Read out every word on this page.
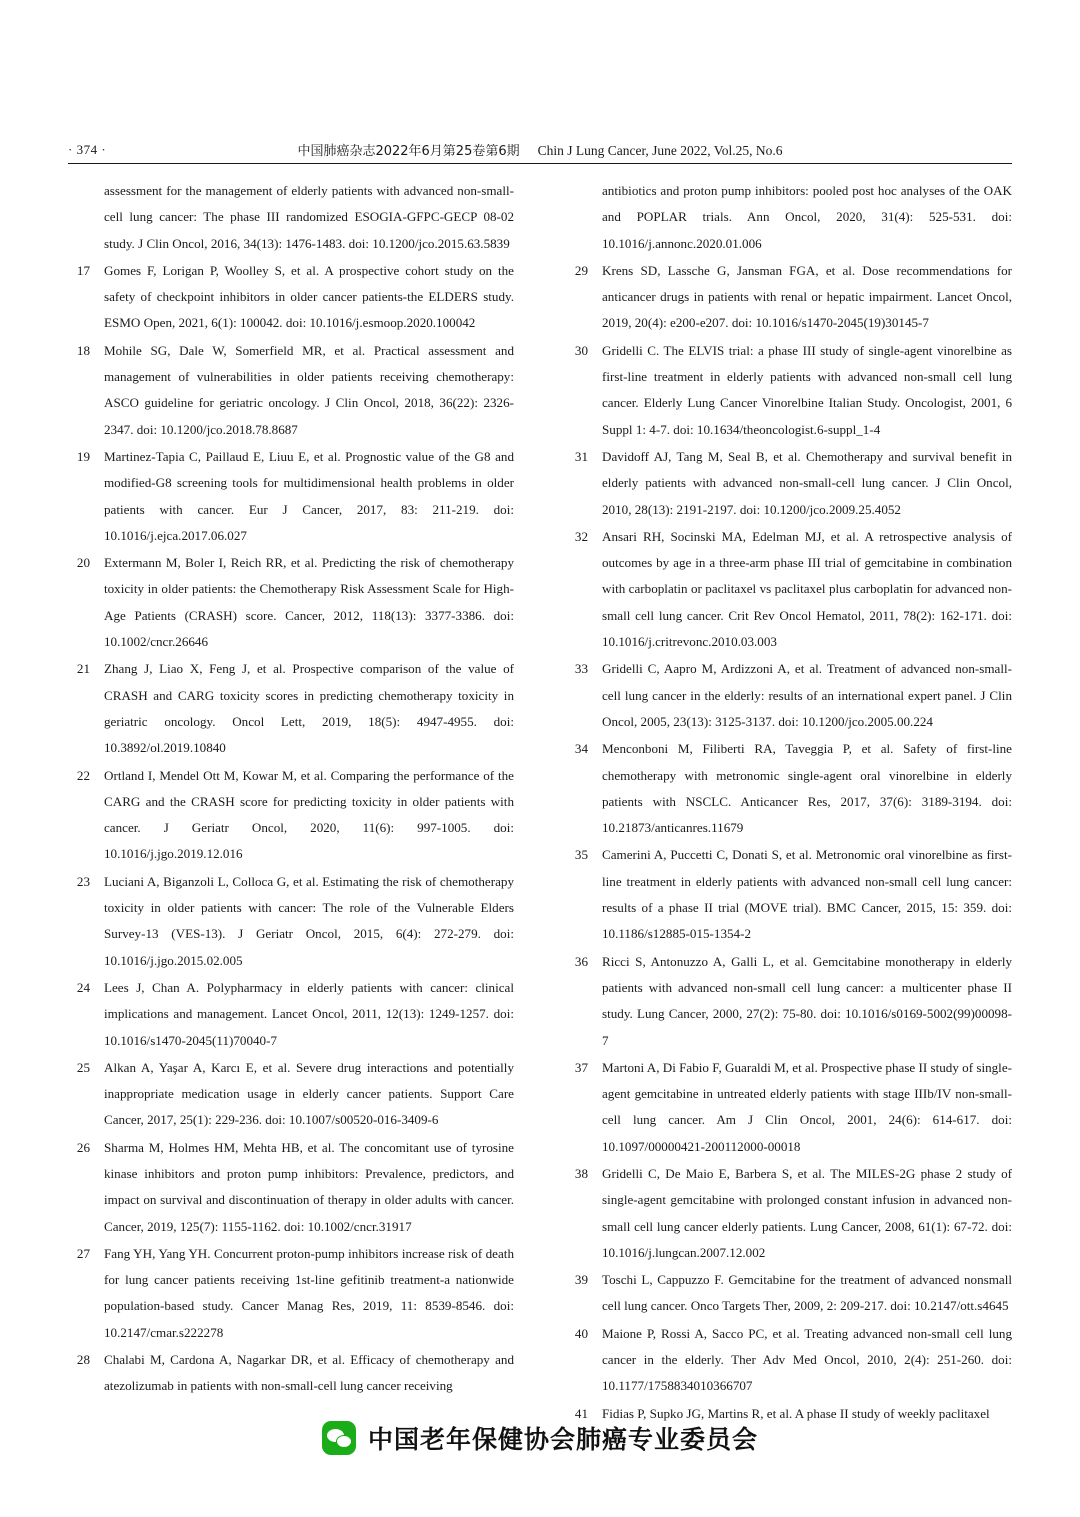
· 374 ·	中国肺癌杂志2022年6月第25卷第6期 Chin J Lung Cancer, June 2022, Vol.25, No.6
assessment for the management of elderly patients with advanced non-small-cell lung cancer: The phase III randomized ESOGIA-GFPC-GECP 08-02 study. J Clin Oncol, 2016, 34(13): 1476-1483. doi: 10.1200/jco.2015.63.5839
17 Gomes F, Lorigan P, Woolley S, et al. A prospective cohort study on the safety of checkpoint inhibitors in older cancer patients-the ELDERS study. ESMO Open, 2021, 6(1): 100042. doi: 10.1016/j.esmoop.2020.100042
18 Mohile SG, Dale W, Somerfield MR, et al. Practical assessment and management of vulnerabilities in older patients receiving chemotherapy: ASCO guideline for geriatric oncology. J Clin Oncol, 2018, 36(22): 2326-2347. doi: 10.1200/jco.2018.78.8687
19 Martinez-Tapia C, Paillaud E, Liuu E, et al. Prognostic value of the G8 and modified-G8 screening tools for multidimensional health problems in older patients with cancer. Eur J Cancer, 2017, 83: 211-219. doi: 10.1016/j.ejca.2017.06.027
20 Extermann M, Boler I, Reich RR, et al. Predicting the risk of chemotherapy toxicity in older patients: the Chemotherapy Risk Assessment Scale for High-Age Patients (CRASH) score. Cancer, 2012, 118(13): 3377-3386. doi: 10.1002/cncr.26646
21 Zhang J, Liao X, Feng J, et al. Prospective comparison of the value of CRASH and CARG toxicity scores in predicting chemotherapy toxicity in geriatric oncology. Oncol Lett, 2019, 18(5): 4947-4955. doi: 10.3892/ol.2019.10840
22 Ortland I, Mendel Ott M, Kowar M, et al. Comparing the performance of the CARG and the CRASH score for predicting toxicity in older patients with cancer. J Geriatr Oncol, 2020, 11(6): 997-1005. doi: 10.1016/j.jgo.2019.12.016
23 Luciani A, Biganzoli L, Colloca G, et al. Estimating the risk of chemotherapy toxicity in older patients with cancer: The role of the Vulnerable Elders Survey-13 (VES-13). J Geriatr Oncol, 2015, 6(4): 272-279. doi: 10.1016/j.jgo.2015.02.005
24 Lees J, Chan A. Polypharmacy in elderly patients with cancer: clinical implications and management. Lancet Oncol, 2011, 12(13): 1249-1257. doi: 10.1016/s1470-2045(11)70040-7
25 Alkan A, Yaşar A, Karcı E, et al. Severe drug interactions and potentially inappropriate medication usage in elderly cancer patients. Support Care Cancer, 2017, 25(1): 229-236. doi: 10.1007/s00520-016-3409-6
26 Sharma M, Holmes HM, Mehta HB, et al. The concomitant use of tyrosine kinase inhibitors and proton pump inhibitors: Prevalence, predictors, and impact on survival and discontinuation of therapy in older adults with cancer. Cancer, 2019, 125(7): 1155-1162. doi: 10.1002/cncr.31917
27 Fang YH, Yang YH. Concurrent proton-pump inhibitors increase risk of death for lung cancer patients receiving 1st-line gefitinib treatment-a nationwide population-based study. Cancer Manag Res, 2019, 11: 8539-8546. doi: 10.2147/cmar.s222278
28 Chalabi M, Cardona A, Nagarkar DR, et al. Efficacy of chemotherapy and atezolizumab in patients with non-small-cell lung cancer receiving
antibiotics and proton pump inhibitors: pooled post hoc analyses of the OAK and POPLAR trials. Ann Oncol, 2020, 31(4): 525-531. doi: 10.1016/j.annonc.2020.01.006
29 Krens SD, Lassche G, Jansman FGA, et al. Dose recommendations for anticancer drugs in patients with renal or hepatic impairment. Lancet Oncol, 2019, 20(4): e200-e207. doi: 10.1016/s1470-2045(19)30145-7
30 Gridelli C. The ELVIS trial: a phase III study of single-agent vinorelbine as first-line treatment in elderly patients with advanced non-small cell lung cancer. Elderly Lung Cancer Vinorelbine Italian Study. Oncologist, 2001, 6 Suppl 1: 4-7. doi: 10.1634/theoncologist.6-suppl_1-4
31 Davidoff AJ, Tang M, Seal B, et al. Chemotherapy and survival benefit in elderly patients with advanced non-small-cell lung cancer. J Clin Oncol, 2010, 28(13): 2191-2197. doi: 10.1200/jco.2009.25.4052
32 Ansari RH, Socinski MA, Edelman MJ, et al. A retrospective analysis of outcomes by age in a three-arm phase III trial of gemcitabine in combination with carboplatin or paclitaxel vs paclitaxel plus carboplatin for advanced non-small cell lung cancer. Crit Rev Oncol Hematol, 2011, 78(2): 162-171. doi: 10.1016/j.critrevonc.2010.03.003
33 Gridelli C, Aapro M, Ardizzoni A, et al. Treatment of advanced non-small-cell lung cancer in the elderly: results of an international expert panel. J Clin Oncol, 2005, 23(13): 3125-3137. doi: 10.1200/jco.2005.00.224
34 Menconboni M, Filiberti RA, Taveggia P, et al. Safety of first-line chemotherapy with metronomic single-agent oral vinorelbine in elderly patients with NSCLC. Anticancer Res, 2017, 37(6): 3189-3194. doi: 10.21873/anticanres.11679
35 Camerini A, Puccetti C, Donati S, et al. Metronomic oral vinorelbine as first-line treatment in elderly patients with advanced non-small cell lung cancer: results of a phase II trial (MOVE trial). BMC Cancer, 2015, 15: 359. doi: 10.1186/s12885-015-1354-2
36 Ricci S, Antonuzzo A, Galli L, et al. Gemcitabine monotherapy in elderly patients with advanced non-small cell lung cancer: a multicenter phase II study. Lung Cancer, 2000, 27(2): 75-80. doi: 10.1016/s0169-5002(99)00098-7
37 Martoni A, Di Fabio F, Guaraldi M, et al. Prospective phase II study of single-agent gemcitabine in untreated elderly patients with stage IIIb/IV non-small-cell lung cancer. Am J Clin Oncol, 2001, 24(6): 614-617. doi: 10.1097/00000421-200112000-00018
38 Gridelli C, De Maio E, Barbera S, et al. The MILES-2G phase 2 study of single-agent gemcitabine with prolonged constant infusion in advanced non-small cell lung cancer elderly patients. Lung Cancer, 2008, 61(1): 67-72. doi: 10.1016/j.lungcan.2007.12.002
39 Toschi L, Cappuzzo F. Gemcitabine for the treatment of advanced nonsmall cell lung cancer. Onco Targets Ther, 2009, 2: 209-217. doi: 10.2147/ott.s4645
40 Maione P, Rossi A, Sacco PC, et al. Treating advanced non-small cell lung cancer in the elderly. Ther Adv Med Oncol, 2010, 2(4): 251-260. doi: 10.1177/1758834010366707
41 Fidias P, Supko JG, Martins R, et al. A phase II study of weekly paclitaxel
中国老年保健协会肺癌专业委员会
